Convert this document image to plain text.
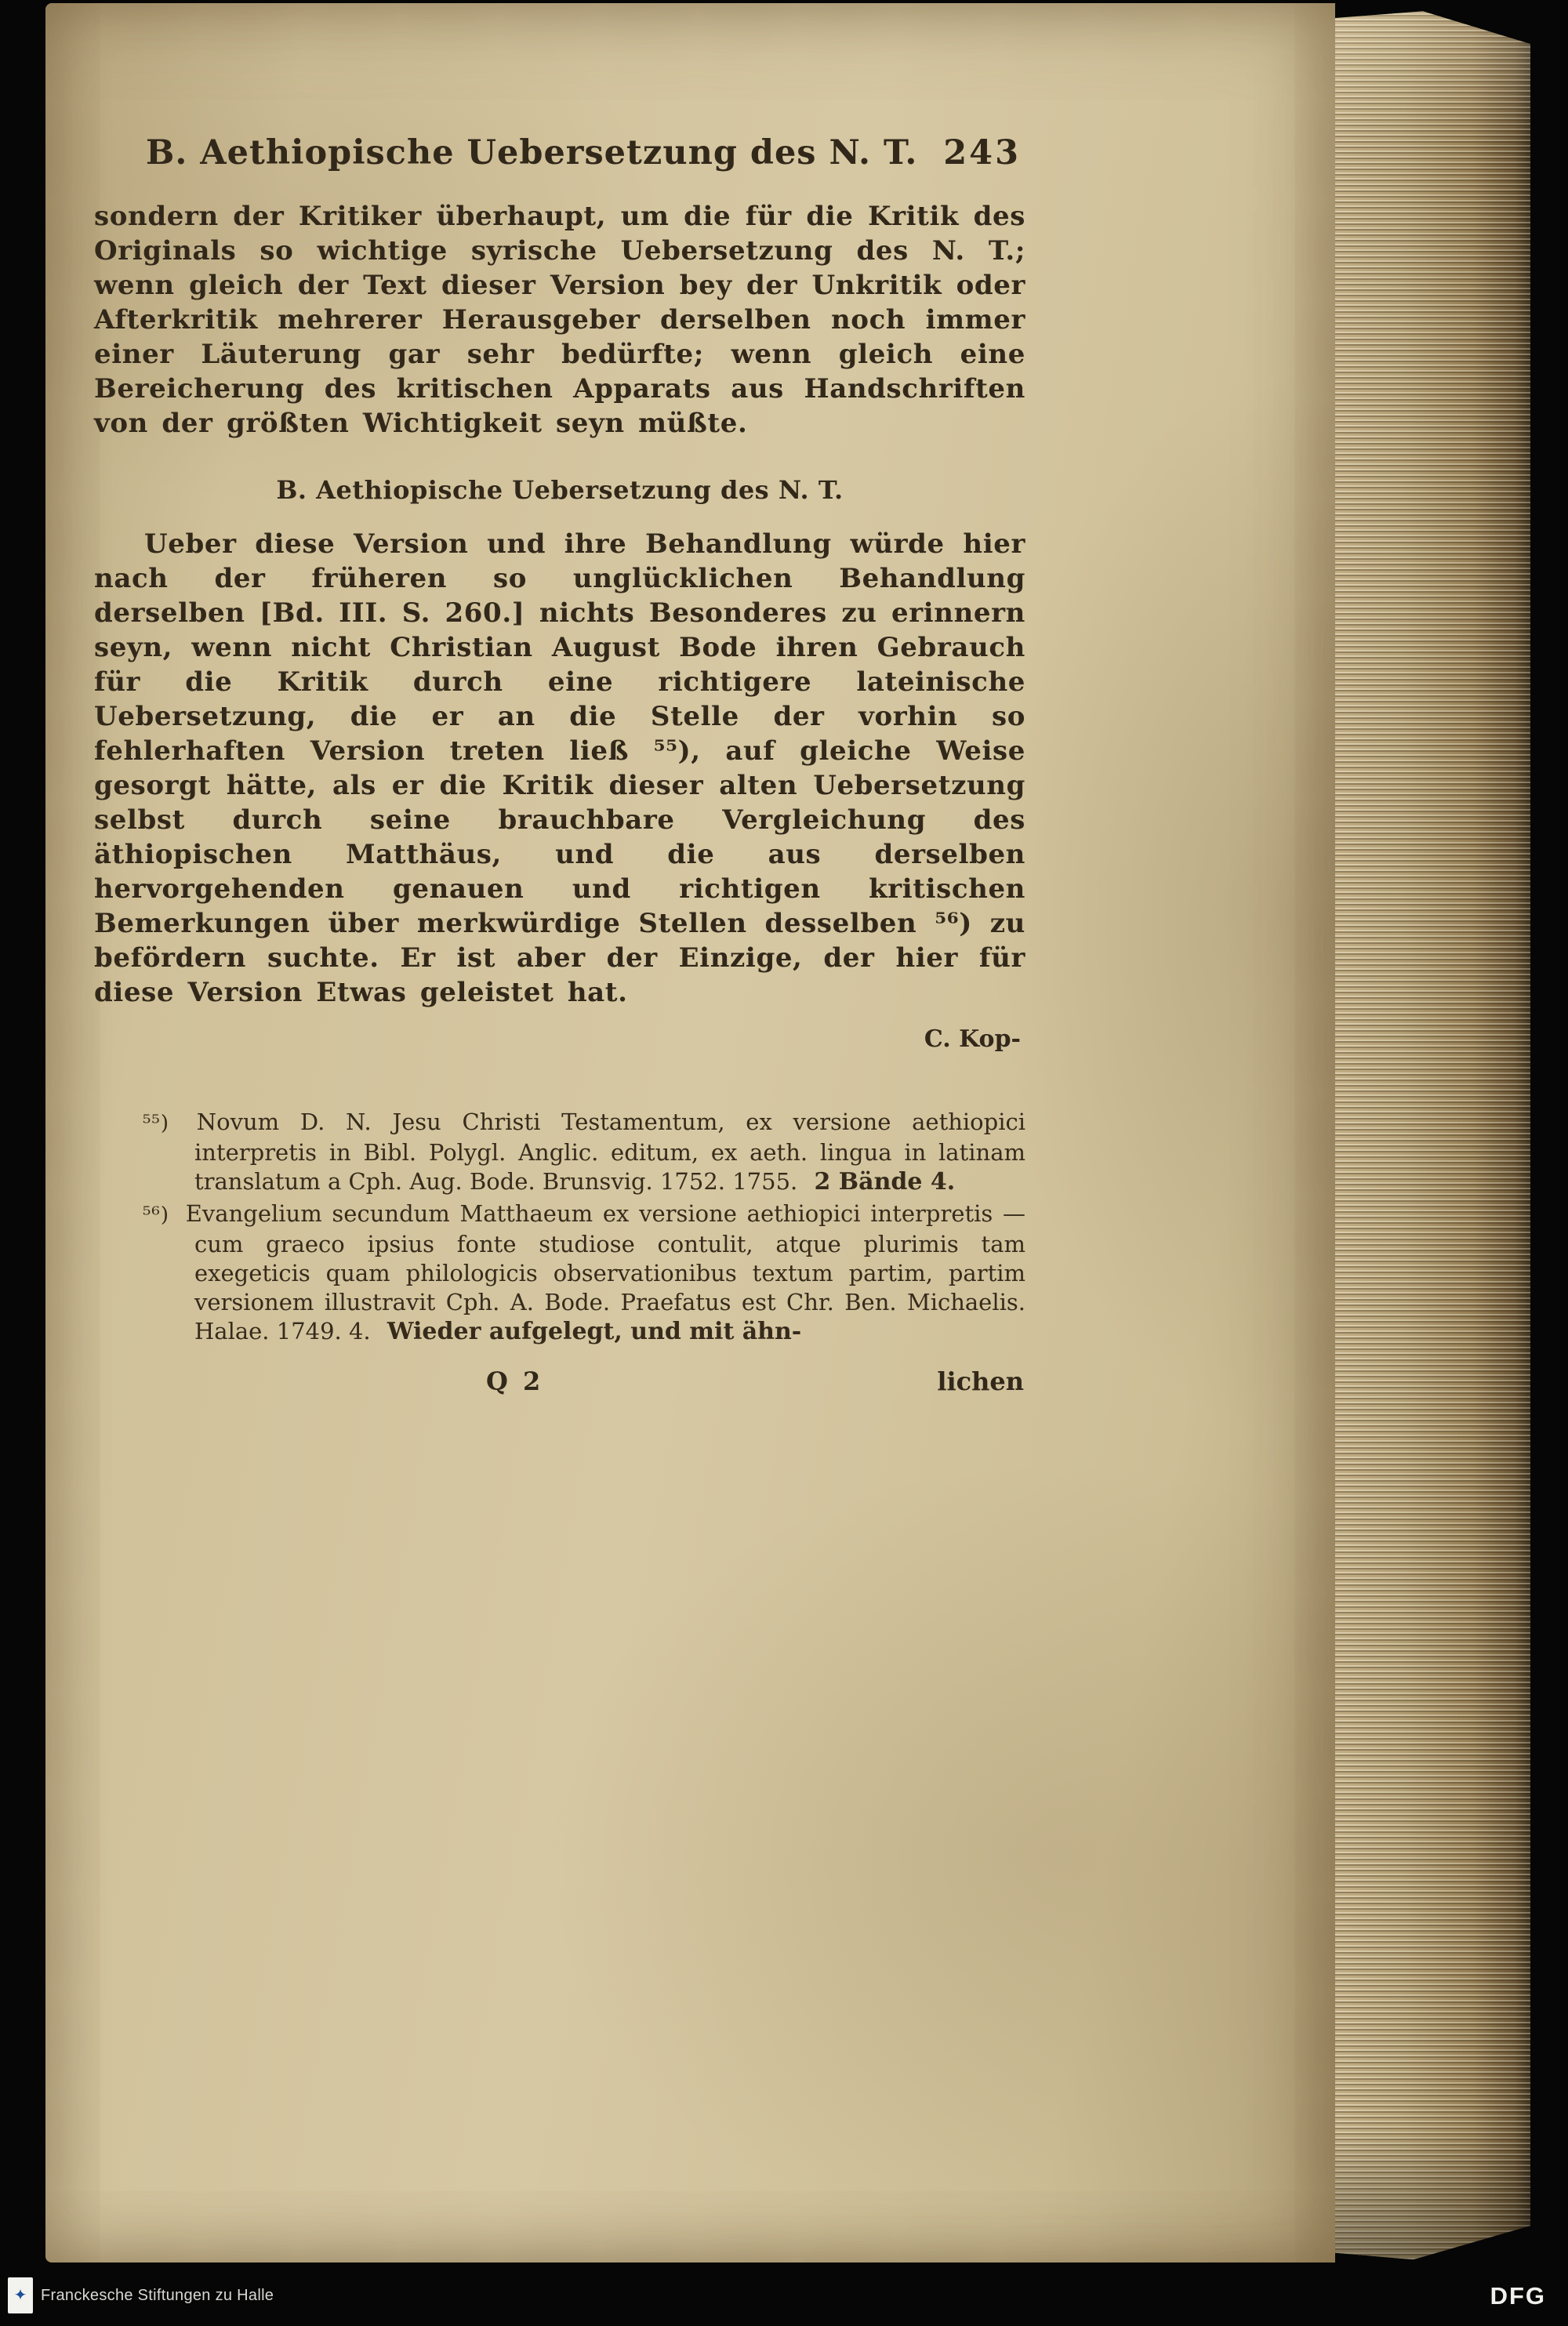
B. Aethiopische Uebersetzung des N. T. 243

sondern der Kritiker überhaupt, um die für die Kritik des Originals so wichtige syrische Uebersetzung des N. T.; wenn gleich der Text dieser Version bey der Unkritik oder Afterkritik mehrerer Herausgeber derselben noch immer einer Läuterung gar sehr bedürfte; wenn gleich eine Bereicherung des kritischen Apparats aus Handschriften von der größten Wichtigkeit seyn müßte.

B. Aethiopische Uebersetzung des N. T.

Ueber diese Version und ihre Behandlung würde hier nach der früheren so unglücklichen Behandlung derselben [Bd. III. S. 260.] nichts Besonderes zu erinnern seyn, wenn nicht Christian August Bode ihren Gebrauch für die Kritik durch eine richtigere lateinische Uebersetzung, die er an die Stelle der vorhin so fehlerhaften Version treten ließ ⁵⁵), auf gleiche Weise gesorgt hätte, als er die Kritik dieser alten Uebersetzung selbst durch seine brauchbare Vergleichung des äthiopischen Matthäus, und die aus derselben hervorgehenden genauen und richtigen kritischen Bemerkungen über merkwürdige Stellen desselben ⁵⁶) zu befördern suchte. Er ist aber der Einzige, der hier für diese Version Etwas geleistet hat.

C. Kop-

⁵⁵) Novum D. N. Jesu Christi Testamentum, ex versione aethiopici interpretis in Bibl. Polygl. Anglic. editum, ex aeth. lingua in latinam translatum a Cph. Aug. Bode. Brunsvig. 1752. 1755. 2 Bände 4.

⁵⁶) Evangelium secundum Matthaeum ex versione aethiopici interpretis — cum graeco ipsius fonte studiose contulit, atque plurimis tam exegeticis quam philologicis observationibus textum partim, partim versionem illustravit Cph. A. Bode. Praefatus est Chr. Ben. Michaelis. Halae. 1749. 4. Wieder aufgelegt, und mit ähn-

Q 2	lichen
✦
Franckesche Stiftungen zu Halle	DFG
